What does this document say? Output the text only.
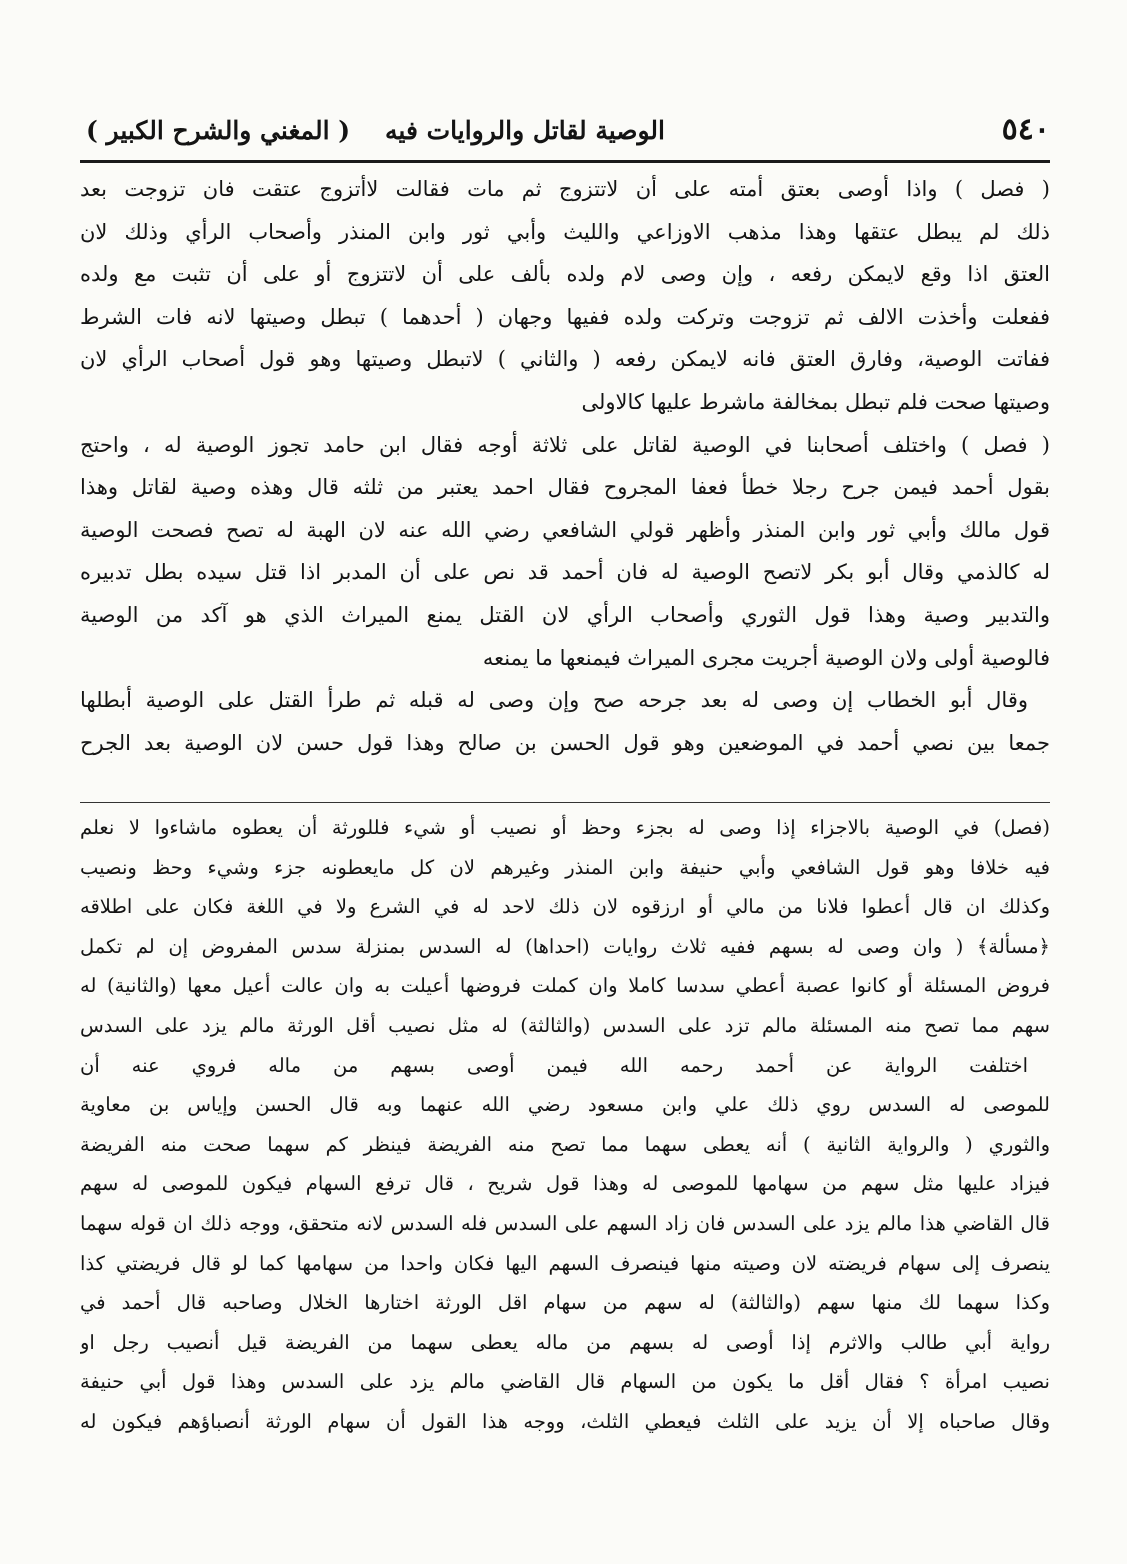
٥٤٠
الوصية لقاتل والروايات فيه
( المغني والشرح الكبير )
( فصل ) واذا أوصى بعتق أمته على أن لاتتزوج ثم مات فقالت لاأتزوج عتقت فان تزوجت بعد
ذلك لم يبطل عتقها وهذا مذهب الاوزاعي والليث وأبي ثور وابن المنذر وأصحاب الرأي وذلك لان
العتق اذا وقع لايمكن رفعه ، وإن وصى لام ولده بألف على أن لاتتزوج أو على أن تثبت مع ولده
ففعلت وأخذت الالف ثم تزوجت وتركت ولده ففيها وجهان ( أحدهما ) تبطل وصيتها لانه فات الشرط
ففاتت الوصية، وفارق العتق فانه لايمكن رفعه ( والثاني ) لاتبطل وصيتها وهو قول أصحاب الرأي لان
وصيتها صحت فلم تبطل بمخالفة ماشرط عليها كالاولى
( فصل ) واختلف أصحابنا في الوصية لقاتل على ثلاثة أوجه فقال ابن حامد تجوز الوصية له ، واحتج
بقول أحمد فيمن جرح رجلا خطأ فعفا المجروح فقال احمد يعتبر من ثلثه قال وهذه وصية لقاتل وهذا
قول مالك وأبي ثور وابن المنذر وأظهر قولي الشافعي رضي الله عنه لان الهبة له تصح فصحت الوصية
له كالذمي وقال أبو بكر لاتصح الوصية له فان أحمد قد نص على أن المدبر اذا قتل سيده بطل تدبيره
والتدبير وصية وهذا قول الثوري وأصحاب الرأي لان القتل يمنع الميراث الذي هو آكد من الوصية
فالوصية أولى ولان الوصية أجريت مجرى الميراث فيمنعها ما يمنعه
وقال أبو الخطاب إن وصى له بعد جرحه صح وإن وصى له قبله ثم طرأ القتل على الوصية أبطلها
جمعا بين نصي أحمد في الموضعين وهو قول الحسن بن صالح وهذا قول حسن لان الوصية بعد الجرح
(فصل) في الوصية بالاجزاء إذا وصى له بجزء وحظ أو نصيب أو شيء فللورثة أن يعطوه ماشاءوا لا نعلم
فيه خلافا وهو قول الشافعي وأبي حنيفة وابن المنذر وغيرهم لان كل مايعطونه جزء وشيء وحظ ونصيب
وكذلك ان قال أعطوا فلانا من مالي أو ارزقوه لان ذلك لاحد له في الشرع ولا في اللغة فكان على اطلاقه
﴿مسألة﴾ ( وان وصى له بسهم ففيه ثلاث روايات (احداها) له السدس بمنزلة سدس المفروض إن لم تكمل
فروض المسئلة أو كانوا عصبة أعطي سدسا كاملا وان كملت فروضها أعيلت به وان عالت أعيل معها (والثانية) له
سهم مما تصح منه المسئلة مالم تزد على السدس (والثالثة) له مثل نصيب أقل الورثة مالم يزد على السدس
اختلفت الرواية عن أحمد رحمه الله فيمن أوصى بسهم من ماله فروي عنه أن
للموصى له السدس روي ذلك علي وابن مسعود رضي الله عنهما وبه قال الحسن وإياس بن معاوية
والثوري ( والرواية الثانية ) أنه يعطى سهما مما تصح منه الفريضة فينظر كم سهما صحت منه الفريضة
فيزاد عليها مثل سهم من سهامها للموصى له وهذا قول شريح ، قال ترفع السهام فيكون للموصى له سهم
قال القاضي هذا مالم يزد على السدس فان زاد السهم على السدس فله السدس لانه متحقق، ووجه ذلك ان قوله سهما
ينصرف إلى سهام فريضته لان وصيته منها فينصرف السهم اليها فكان واحدا من سهامها كما لو قال فريضتي كذا
وكذا سهما لك منها سهم (والثالثة) له سهم من سهام اقل الورثة اختارها الخلال وصاحبه قال أحمد في
رواية أبي طالب والاثرم إذا أوصى له بسهم من ماله يعطى سهما من الفريضة قيل أنصيب رجل او
نصيب امرأة ؟ فقال أقل ما يكون من السهام قال القاضي مالم يزد على السدس وهذا قول أبي حنيفة
وقال صاحباه إلا أن يزيد على الثلث فيعطي الثلث، ووجه هذا القول أن سهام الورثة أنصباؤهم فيكون له
